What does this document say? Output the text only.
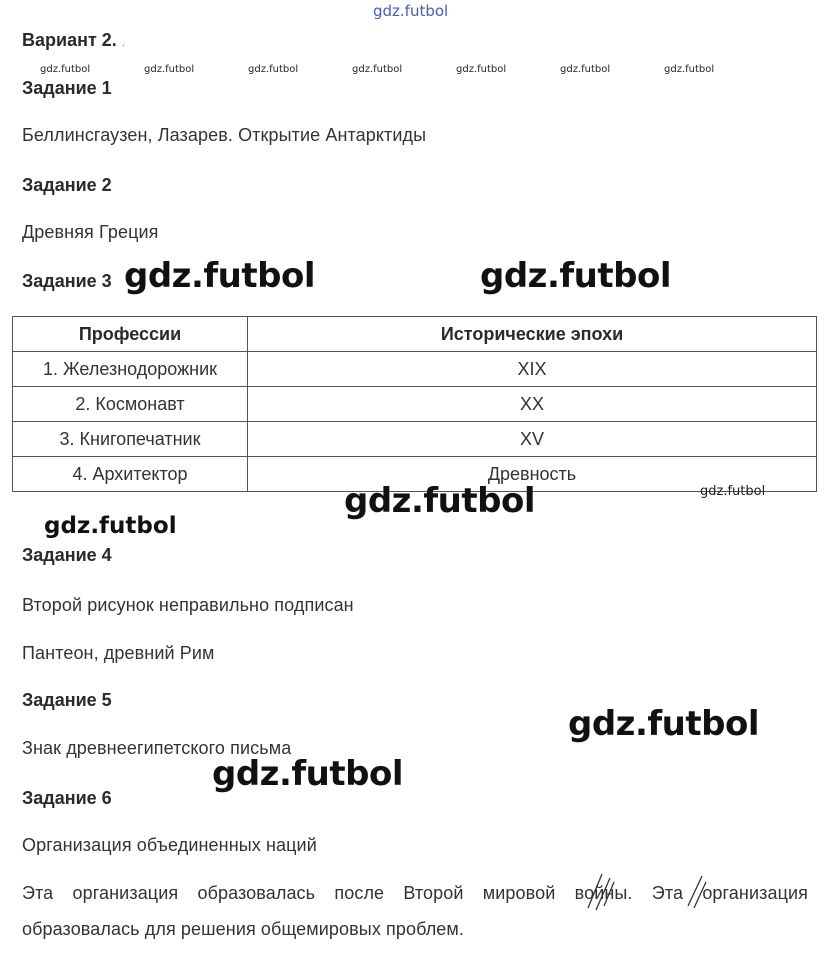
gdz.futbol
Вариант 2. .
gdz.futbol	gdz.futbol	gdz.futbol	gdz.futbol	gdz.futbol	gdz.futbol	gdz.futbol
Задание 1
Беллинсгаузен, Лазарев. Открытие Антарктиды
Задание 2
Древняя Греция
Задание 3 gdz.futbol	gdz.futbol
Профессии	Исторические эпохи
1. Железнодорожник	XIX
2. Космонавт	XX
3. Книгопечатник	XV
4. Архитектор	Древность
gdz.futbol	gdz.futbol
gdz.futbol
Задание 4
Второй рисунок неправильно подписан
Пантеон, древний Рим
Задание 5
Знак древнеегипетского письма
gdz.futbol
gdz.futbol
Задание 6
Организация объединенных наций
Эта организация образовалась после Второй мировой войны. Эта организация образовалась для решения общемировых проблем.
